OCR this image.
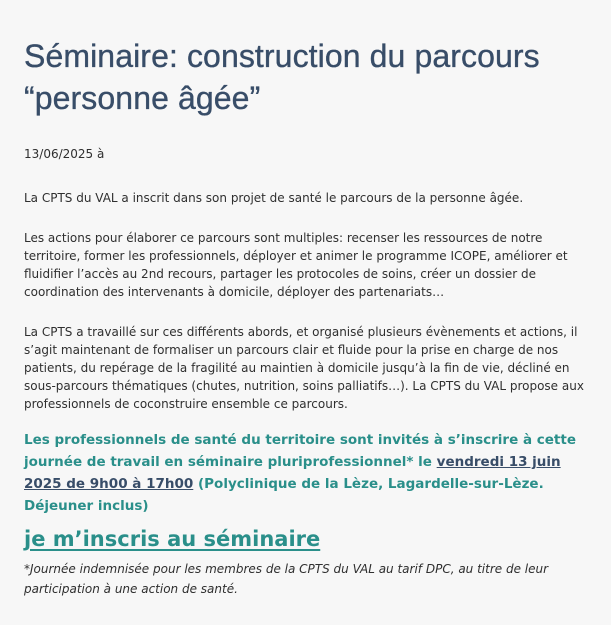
Séminaire: construction du parcours
“personne âgée”

13/06/2025 à

La CPTS du VAL a inscrit dans son projet de santé le parcours de la personne âgée.

Les actions pour élaborer ce parcours sont multiples: recenser les ressources de notre territoire, former les professionnels, déployer et animer le programme ICOPE, améliorer et fluidifier l’accès au 2nd recours, partager les protocoles de soins, créer un dossier de coordination des intervenants à domicile, déployer des partenariats…

La CPTS a travaillé sur ces différents abords, et organisé plusieurs évènements et actions, il s’agit maintenant de formaliser un parcours clair et fluide pour la prise en charge de nos patients, du repérage de la fragilité au maintien à domicile jusqu’à la fin de vie, décliné en sous-parcours thématiques (chutes, nutrition, soins palliatifs…). La CPTS du VAL propose aux professionnels de coconstruire ensemble ce parcours.

Les professionnels de santé du territoire sont invités à s’inscrire à cette journée de travail en séminaire pluriprofessionnel* le vendredi 13 juin 2025 de 9h00 à 17h00 (Polyclinique de la Lèze, Lagardelle-sur-Lèze. Déjeuner inclus)

je m’inscris au séminaire

*Journée indemnisée pour les membres de la CPTS du VAL au tarif DPC, au titre de leur participation à une action de santé.
